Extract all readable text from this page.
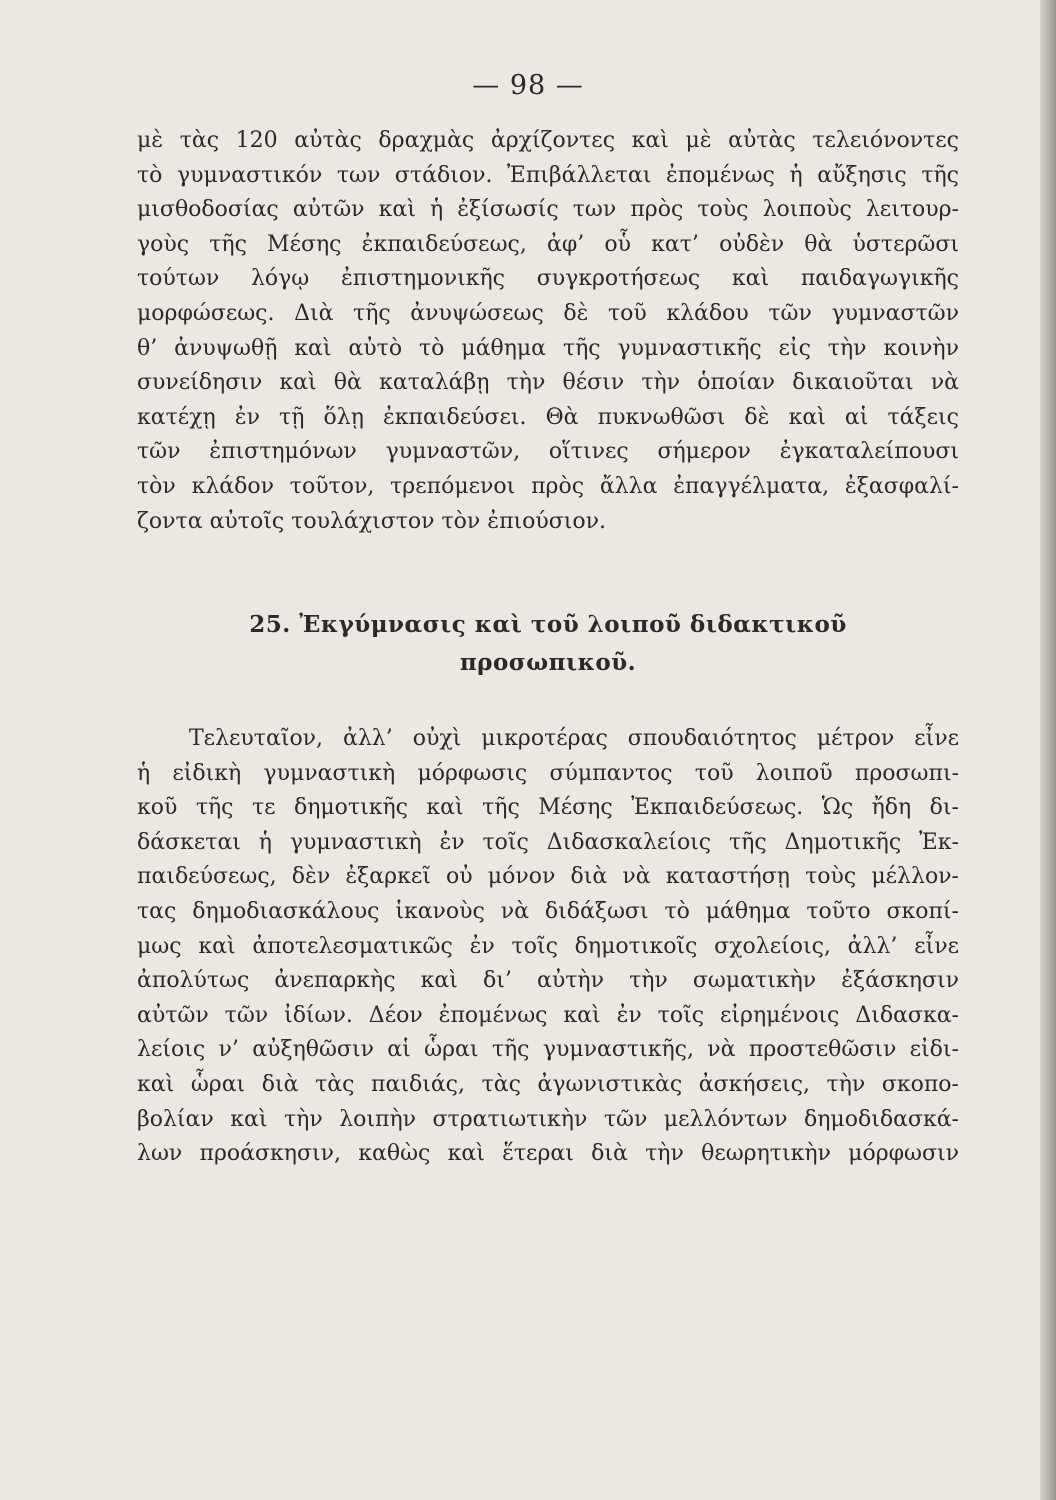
— 98 —
μὲ τὰς 120 αὐτὰς δραχμὰς ἀρχίζοντες καὶ μὲ αὐτὰς τελειόνοντες
τὸ γυμναστικόν των στάδιον. Ἐπιβάλλεται ἐπομένως ἡ αὔξησις τῆς
μισθοδοσίας αὐτῶν καὶ ἡ ἐξίσωσίς των πρὸς τοὺς λοιποὺς λειτουρ-
γοὺς τῆς Μέσης ἐκπαιδεύσεως, ἀφ’ οὗ κατ’ οὐδὲν θὰ ὑστερῶσι
τούτων λόγῳ ἐπιστημονικῆς συγκροτήσεως καὶ παιδαγωγικῆς
μορφώσεως. Διὰ τῆς ἀνυψώσεως δὲ τοῦ κλάδου τῶν γυμναστῶν
θ’ ἀνυψωθῇ καὶ αὐτὸ τὸ μάθημα τῆς γυμναστικῆς εἰς τὴν κοινὴν
συνείδησιν καὶ θὰ καταλάβῃ τὴν θέσιν τὴν ὁποίαν δικαιοῦται νὰ
κατέχῃ ἐν τῇ ὅλῃ ἐκπαιδεύσει. Θὰ πυκνωθῶσι δὲ καὶ αἱ τάξεις
τῶν ἐπιστημόνων γυμναστῶν, οἵτινες σήμερον ἐγκαταλείπουσι
τὸν κλάδον τοῦτον, τρεπόμενοι πρὸς ἄλλα ἐπαγγέλματα, ἐξασφαλί-
ζοντα αὐτοῖς τουλάχιστον τὸν ἐπιούσιον.
25. Ἐκγύμνασις καὶ τοῦ λοιποῦ διδακτικοῦ
προσωπικοῦ.
Τελευταῖον, ἀλλ’ οὐχὶ μικροτέρας σπουδαιότητος μέτρον εἶνε
ἡ εἰδικὴ γυμναστικὴ μόρφωσις σύμπαντος τοῦ λοιποῦ προσωπι-
κοῦ τῆς τε δημοτικῆς καὶ τῆς Μέσης Ἐκπαιδεύσεως. Ὡς ἤδη δι-
δάσκεται ἡ γυμναστικὴ ἐν τοῖς Διδασκαλείοις τῆς Δημοτικῆς Ἐκ-
παιδεύσεως, δὲν ἐξαρκεῖ οὐ μόνον διὰ νὰ καταστήσῃ τοὺς μέλλον-
τας δημοδιασκάλους ἱκανοὺς νὰ διδάξωσι τὸ μάθημα τοῦτο σκοπί-
μως καὶ ἀποτελεσματικῶς ἐν τοῖς δημοτικοῖς σχολείοις, ἀλλ’ εἶνε
ἀπολύτως ἀνεπαρκὴς καὶ δι’ αὐτὴν τὴν σωματικὴν ἐξάσκησιν
αὐτῶν τῶν ἰδίων. Δέον ἐπομένως καὶ ἐν τοῖς εἰρημένοις Διδασκα-
λείοις ν’ αὐξηθῶσιν αἱ ὧραι τῆς γυμναστικῆς, νὰ προστεθῶσιν εἰδι-
καὶ ὧραι διὰ τὰς παιδιάς, τὰς ἀγωνιστικὰς ἀσκήσεις, τὴν σκοπο-
βολίαν καὶ τὴν λοιπὴν στρατιωτικὴν τῶν μελλόντων δημοδιδασκά-
λων προάσκησιν, καθὼς καὶ ἕτεραι διὰ τὴν θεωρητικὴν μόρφωσιν
